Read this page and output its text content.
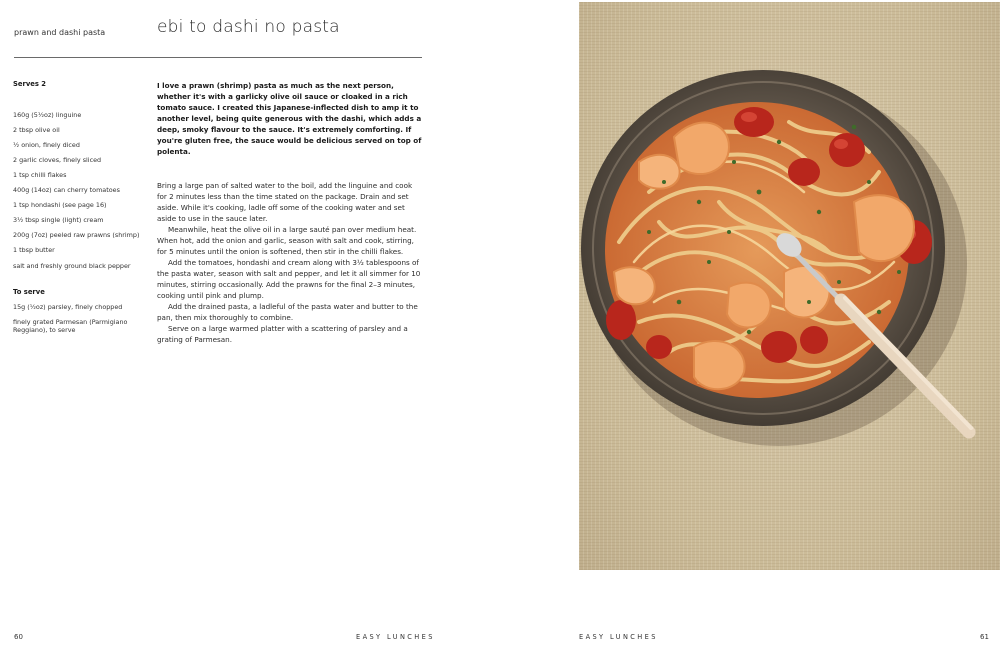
prawn and dashi pasta	ebi to dashi no pasta
Serves 2

160g (5½oz) linguine

2 tbsp olive oil

½ onion, finely diced

2 garlic cloves, finely sliced

1 tsp chilli flakes

400g (14oz) can cherry tomatoes

1 tsp hondashi (see page 16)

3½ tbsp single (light) cream

200g (7oz) peeled raw prawns (shrimp)

1 tbsp butter

salt and freshly ground black pepper

To serve

15g (½oz) parsley, finely chopped

finely grated Parmesan (Parmigiano Reggiano), to serve

I love a prawn (shrimp) pasta as much as the next person, whether it's with a garlicky olive oil sauce or cloaked in a rich tomato sauce. I created this Japanese-inflected dish to amp it to another level, being quite generous with the dashi, which adds a deep, smoky flavour to the sauce. It's extremely comforting. If you're gluten free, the sauce would be delicious served on top of polenta.

Bring a large pan of salted water to the boil, add the linguine and cook for 2 minutes less than the time stated on the package. Drain and set aside. While it's cooking, ladle off some of the cooking water and set aside to use in the sauce later.

Meanwhile, heat the olive oil in a large sauté pan over medium heat. When hot, add the onion and garlic, season with salt and cook, stirring, for 5 minutes until the onion is softened, then stir in the chilli flakes.

Add the tomatoes, hondashi and cream along with 3½ tablespoons of the pasta water, season with salt and pepper, and let it all simmer for 10 minutes, stirring occasionally. Add the prawns for the final 2–3 minutes, cooking until pink and plump.

Add the drained pasta, a ladleful of the pasta water and butter to the pan, then mix thoroughly to combine.

Serve on a large warmed platter with a scattering of parsley and a grating of Parmesan.

60	EASY LUNCHES	EASY LUNCHES	61
